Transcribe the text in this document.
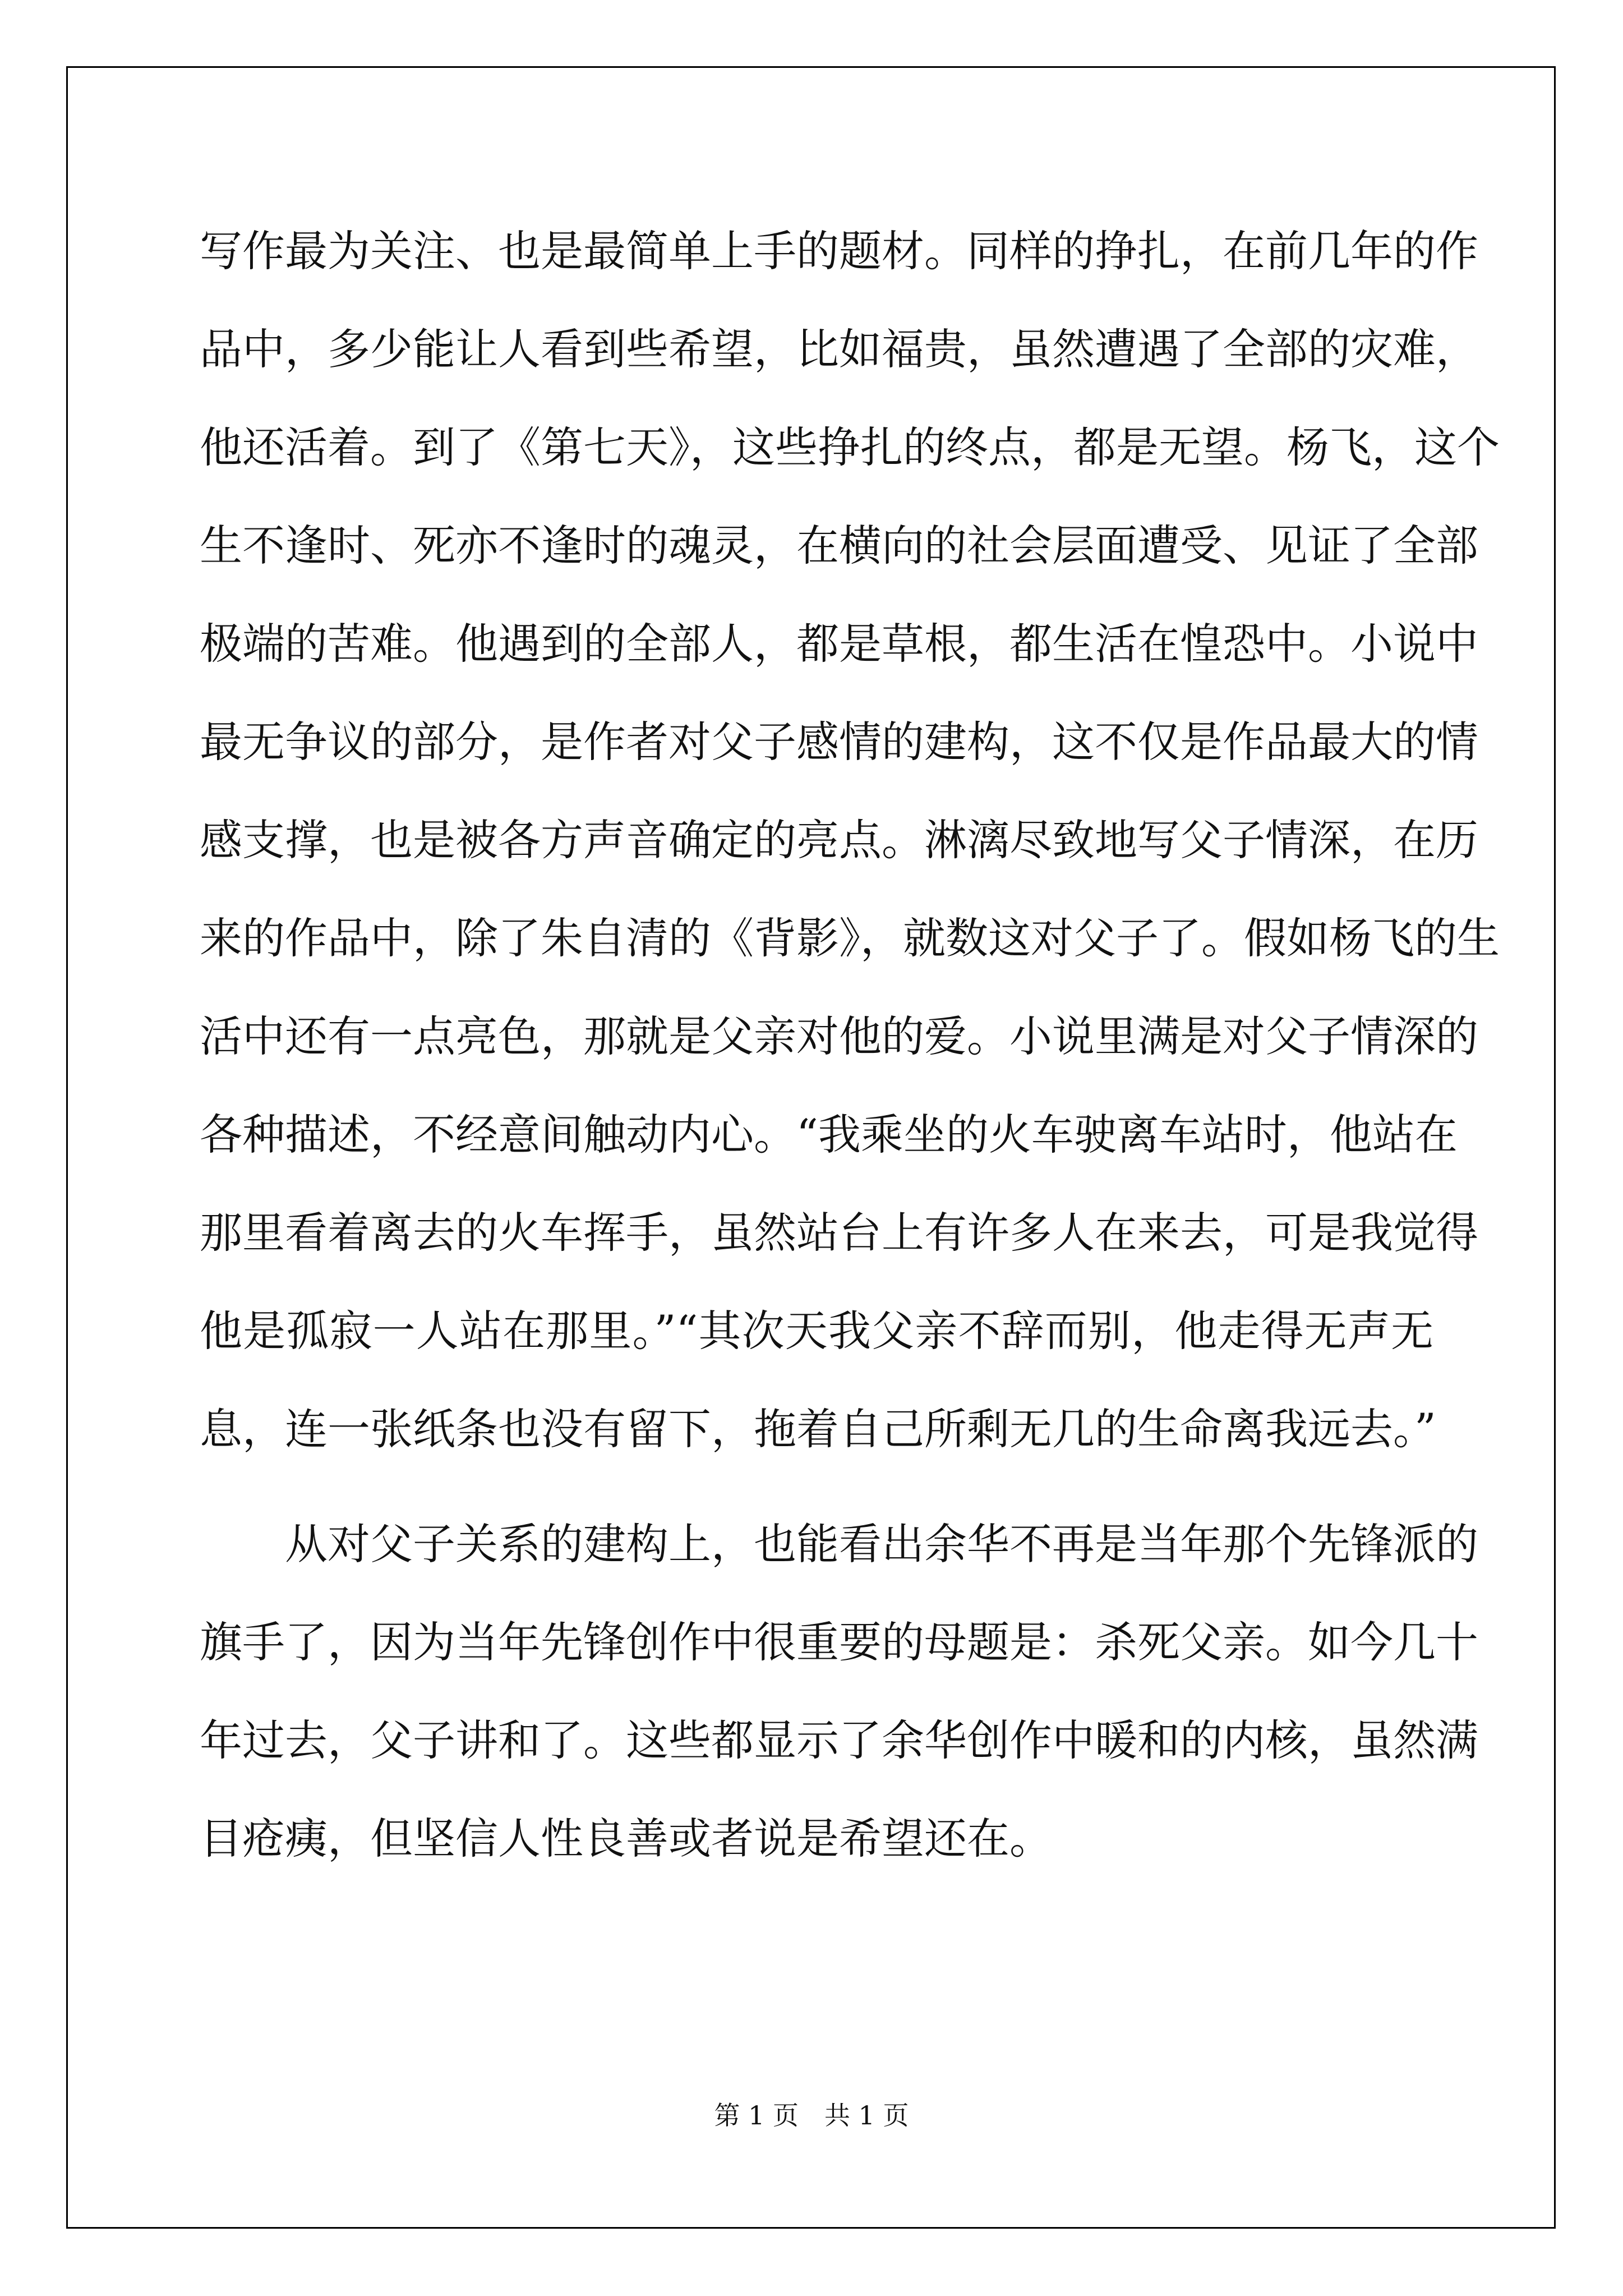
写作最为关注、也是最简单上手的题材。同样的挣扎，在前几年的作
品中，多少能让人看到些希望，比如福贵，虽然遭遇了全部的灾难，
他还活着。到了《第七天》，这些挣扎的终点，都是无望。杨飞，这个
生不逢时、死亦不逢时的魂灵，在横向的社会层面遭受、见证了全部
极端的苦难。他遇到的全部人，都是草根，都生活在惶恐中。小说中
最无争议的部分，是作者对父子感情的建构，这不仅是作品最大的情
感支撑，也是被各方声音确定的亮点。淋漓尽致地写父子情深，在历
来的作品中，除了朱自清的《背影》，就数这对父子了。假如杨飞的生
活中还有一点亮色，那就是父亲对他的爱。小说里满是对父子情深的
各种描述，不经意间触动内心。“我乘坐的火车驶离车站时，他站在
那里看着离去的火车挥手，虽然站台上有许多人在来去，可是我觉得
他是孤寂一人站在那里。”“其次天我父亲不辞而别，他走得无声无
息，连一张纸条也没有留下，拖着自己所剩无几的生命离我远去。”
从对父子关系的建构上，也能看出余华不再是当年那个先锋派的
旗手了，因为当年先锋创作中很重要的母题是：杀死父亲。如今几十
年过去，父子讲和了。这些都显示了余华创作中暖和的内核，虽然满
目疮痍，但坚信人性良善或者说是希望还在。
第 1 页　共 1 页
